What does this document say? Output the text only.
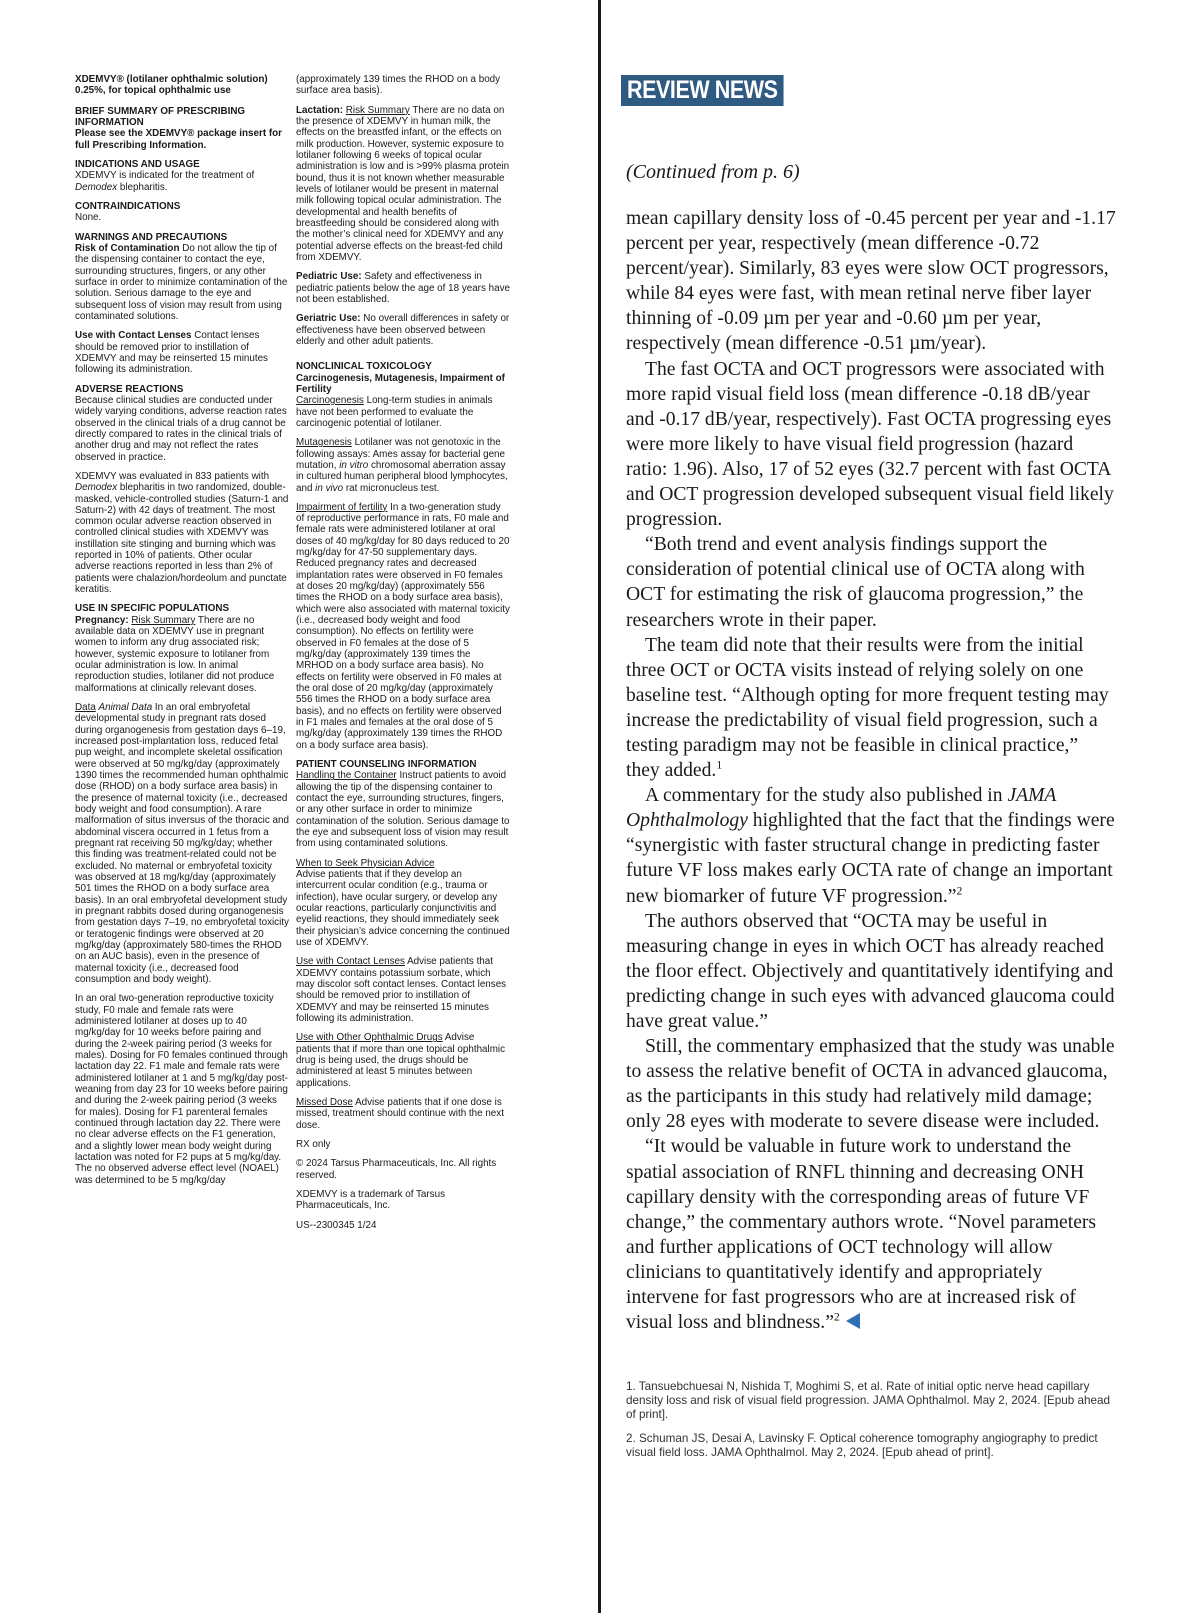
XDEMVY® (lotilaner ophthalmic solution) 0.25%, for topical ophthalmic use
BRIEF SUMMARY OF PRESCRIBING INFORMATION
Please see the XDEMVY® package insert for full Prescribing Information.
INDICATIONS AND USAGE
XDEMVY is indicated for the treatment of Demodex blepharitis.
CONTRAINDICATIONS
None.
WARNINGS AND PRECAUTIONS
Risk of Contamination Do not allow the tip of the dispensing container to contact the eye, surrounding structures, fingers, or any other surface in order to minimize contamination of the solution. Serious damage to the eye and subsequent loss of vision may result from using contaminated solutions.
Use with Contact Lenses Contact lenses should be removed prior to instillation of XDEMVY and may be reinserted 15 minutes following its administration.
ADVERSE REACTIONS
Because clinical studies are conducted under widely varying conditions, adverse reaction rates observed in the clinical trials of a drug cannot be directly compared to rates in the clinical trials of another drug and may not reflect the rates observed in practice.
XDEMVY was evaluated in 833 patients with Demodex blepharitis in two randomized, double-masked, vehicle-controlled studies (Saturn-1 and Saturn-2) with 42 days of treatment. The most common ocular adverse reaction observed in controlled clinical studies with XDEMVY was instillation site stinging and burning which was reported in 10% of patients. Other ocular adverse reactions reported in less than 2% of patients were chalazion/hordeolum and punctate keratitis.
USE IN SPECIFIC POPULATIONS
Pregnancy: Risk Summary There are no available data on XDEMVY use in pregnant women to inform any drug associated risk; however, systemic exposure to lotilaner from ocular administration is low. In animal reproduction studies, lotilaner did not produce malformations at clinically relevant doses.
Data Animal Data In an oral embryofetal developmental study in pregnant rats dosed during organogenesis from gestation days 6–19, increased post-implantation loss, reduced fetal pup weight, and incomplete skeletal ossification were observed at 50 mg/kg/day (approximately 1390 times the recommended human ophthalmic dose (RHOD) on a body surface area basis) in the presence of maternal toxicity (i.e., decreased body weight and food consumption). A rare malformation of situs inversus of the thoracic and abdominal viscera occurred in 1 fetus from a pregnant rat receiving 50 mg/kg/day; whether this finding was treatment-related could not be excluded. No maternal or embryofetal toxicity was observed at 18 mg/kg/day (approximately 501 times the RHOD on a body surface area basis). In an oral embryofetal development study in pregnant rabbits dosed during organogenesis from gestation days 7–19, no embryofetal toxicity or teratogenic findings were observed at 20 mg/kg/day (approximately 580-times the RHOD on an AUC basis), even in the presence of maternal toxicity (i.e., decreased food consumption and body weight).
In an oral two-generation reproductive toxicity study, F0 male and female rats were administered lotilaner at doses up to 40 mg/kg/day for 10 weeks before pairing and during the 2-week pairing period (3 weeks for males). Dosing for F0 females continued through lactation day 22. F1 male and female rats were administered lotilaner at 1 and 5 mg/kg/day post-weaning from day 23 for 10 weeks before pairing and during the 2-week pairing period (3 weeks for males). Dosing for F1 parenteral females continued through lactation day 22. There were no clear adverse effects on the F1 generation, and a slightly lower mean body weight during lactation was noted for F2 pups at 5 mg/kg/day. The no observed adverse effect level (NOAEL) was determined to be 5 mg/kg/day
(approximately 139 times the RHOD on a body surface area basis).
Lactation: Risk Summary There are no data on the presence of XDEMVY in human milk, the effects on the breastfed infant, or the effects on milk production. However, systemic exposure to lotilaner following 6 weeks of topical ocular administration is low and is >99% plasma protein bound, thus it is not known whether measurable levels of lotilaner would be present in maternal milk following topical ocular administration. The developmental and health benefits of breastfeeding should be considered along with the mother’s clinical need for XDEMVY and any potential adverse effects on the breast-fed child from XDEMVY.
Pediatric Use: Safety and effectiveness in pediatric patients below the age of 18 years have not been established.
Geriatric Use: No overall differences in safety or effectiveness have been observed between elderly and other adult patients.
NONCLINICAL TOXICOLOGY
Carcinogenesis, Mutagenesis, Impairment of Fertility
Carcinogenesis Long-term studies in animals have not been performed to evaluate the carcinogenic potential of lotilaner.
Mutagenesis Lotilaner was not genotoxic in the following assays: Ames assay for bacterial gene mutation, in vitro chromosomal aberration assay in cultured human peripheral blood lymphocytes, and in vivo rat micronucleus test.
Impairment of fertility In a two-generation study of reproductive performance in rats, F0 male and female rats were administered lotilaner at oral doses of 40 mg/kg/day for 80 days reduced to 20 mg/kg/day for 47-50 supplementary days. Reduced pregnancy rates and decreased implantation rates were observed in F0 females at doses 20 mg/kg/day) (approximately 556 times the RHOD on a body surface area basis), which were also associated with maternal toxicity (i.e., decreased body weight and food consumption). No effects on fertility were observed in F0 females at the dose of 5 mg/kg/day (approximately 139 times the MRHOD on a body surface area basis). No effects on fertility were observed in F0 males at the oral dose of 20 mg/kg/day (approximately 556 times the RHOD on a body surface area basis), and no effects on fertility were observed in F1 males and females at the oral dose of 5 mg/kg/day (approximately 139 times the RHOD on a body surface area basis).
PATIENT COUNSELING INFORMATION
Handling the Container Instruct patients to avoid allowing the tip of the dispensing container to contact the eye, surrounding structures, fingers, or any other surface in order to minimize contamination of the solution. Serious damage to the eye and subsequent loss of vision may result from using contaminated solutions.
When to Seek Physician Advice
Advise patients that if they develop an intercurrent ocular condition (e.g., trauma or infection), have ocular surgery, or develop any ocular reactions, particularly conjunctivitis and eyelid reactions, they should immediately seek their physician’s advice concerning the continued use of XDEMVY.
Use with Contact Lenses Advise patients that XDEMVY contains potassium sorbate, which may discolor soft contact lenses. Contact lenses should be removed prior to instillation of XDEMVY and may be reinserted 15 minutes following its administration.
Use with Other Ophthalmic Drugs Advise patients that if more than one topical ophthalmic drug is being used, the drugs should be administered at least 5 minutes between applications.
Missed Dose Advise patients that if one dose is missed, treatment should continue with the next dose.
RX only
© 2024 Tarsus Pharmaceuticals, Inc. All rights reserved.
XDEMVY is a trademark of Tarsus Pharmaceuticals, Inc.
US--2300345 1/24
REVIEW NEWS
(Continued from p. 6)

mean capillary density loss of -0.45 percent per year and -1.17 percent per year, respectively (mean difference -0.72 percent/year). Similarly, 83 eyes were slow OCT progressors, while 84 eyes were fast, with mean retinal nerve fiber layer thinning of -0.09 µm per year and -0.60 µm per year, respectively (mean difference -0.51 µm/year).

The fast OCTA and OCT progressors were associated with more rapid visual field loss (mean difference -0.18 dB/year and -0.17 dB/year, respectively). Fast OCTA progressing eyes were more likely to have visual field progression (hazard ratio: 1.96). Also, 17 of 52 eyes (32.7 percent with fast OCTA and OCT progression developed subsequent visual field likely progression.

“Both trend and event analysis findings support the consideration of potential clinical use of OCTA along with OCT for estimating the risk of glaucoma progression,” the researchers wrote in their paper.

The team did note that their results were from the initial three OCT or OCTA visits instead of relying solely on one baseline test. “Although opting for more frequent testing may increase the predictability of visual field progression, such a testing paradigm may not be feasible in clinical practice,” they added.$^1$

A commentary for the study also published in JAMA Ophthalmology highlighted that the fact that the findings were “synergistic with faster structural change in predicting faster future VF loss makes early OCTA rate of change an important new biomarker of future VF progression.”$^2$

The authors observed that “OCTA may be useful in measuring change in eyes in which OCT has already reached the floor effect. Objectively and quantitatively identifying and predicting change in such eyes with advanced glaucoma could have great value.”

Still, the commentary emphasized that the study was unable to assess the relative benefit of OCTA in advanced glaucoma, as the participants in this study had relatively mild damage; only 28 eyes with moderate to severe disease were included.

“It would be valuable in future work to understand the spatial association of RNFL thinning and decreasing ONH capillary density with the corresponding areas of future VF change,” the commentary authors wrote. “Novel parameters and further applications of OCT technology will allow clinicians to quantitatively identify and appropriately intervene for fast progressors who are at increased risk of visual loss and blindness.”$^2$

1. Tansuebchuesai N, Nishida T, Moghimi S, et al. Rate of initial optic nerve head capillary density loss and risk of visual field progression. JAMA Ophthalmol. May 2, 2024. [Epub ahead of print].
2. Schuman JS, Desai A, Lavinsky F. Optical coherence tomography angiography to predict visual field loss. JAMA Ophthalmol. May 2, 2024. [Epub ahead of print].
